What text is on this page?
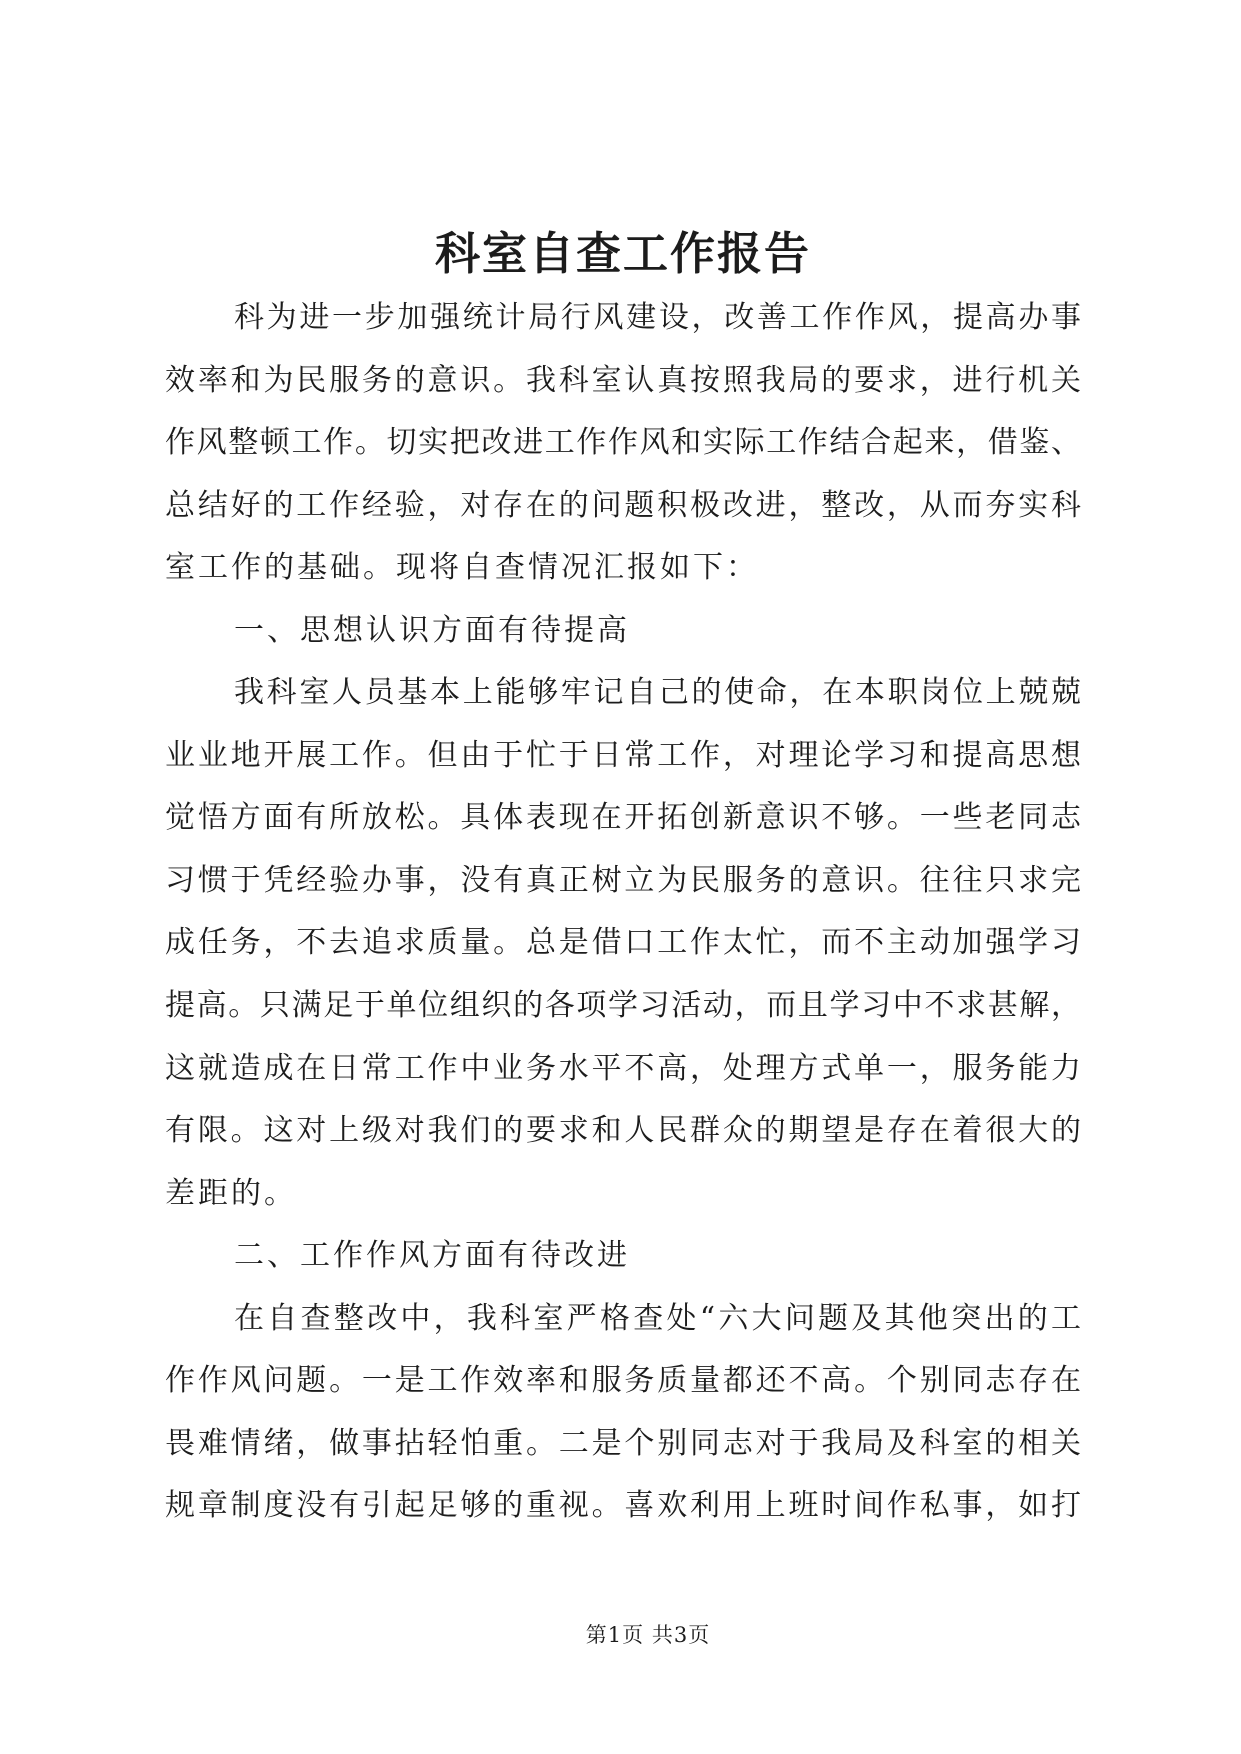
科室自查工作报告
科为进一步加强统计局行风建设，改善工作作风，提高办事
效率和为民服务的意识。我科室认真按照我局的要求，进行机关
作风整顿工作。切实把改进工作作风和实际工作结合起来，借鉴、
总结好的工作经验，对存在的问题积极改进，整改，从而夯实科
室工作的基础。现将自查情况汇报如下：
一、思想认识方面有待提高
我科室人员基本上能够牢记自己的使命，在本职岗位上兢兢
业业地开展工作。但由于忙于日常工作，对理论学习和提高思想
觉悟方面有所放松。具体表现在开拓创新意识不够。一些老同志
习惯于凭经验办事，没有真正树立为民服务的意识。往往只求完
成任务，不去追求质量。总是借口工作太忙，而不主动加强学习
提高。只满足于单位组织的各项学习活动，而且学习中不求甚解，
这就造成在日常工作中业务水平不高，处理方式单一，服务能力
有限。这对上级对我们的要求和人民群众的期望是存在着很大的
差距的。
二、工作作风方面有待改进
在自查整改中，我科室严格查处“六大问题及其他突出的工
作作风问题。一是工作效率和服务质量都还不高。个别同志存在
畏难情绪，做事拈轻怕重。二是个别同志对于我局及科室的相关
规章制度没有引起足够的重视。喜欢利用上班时间作私事，如打
第1页 共3页
